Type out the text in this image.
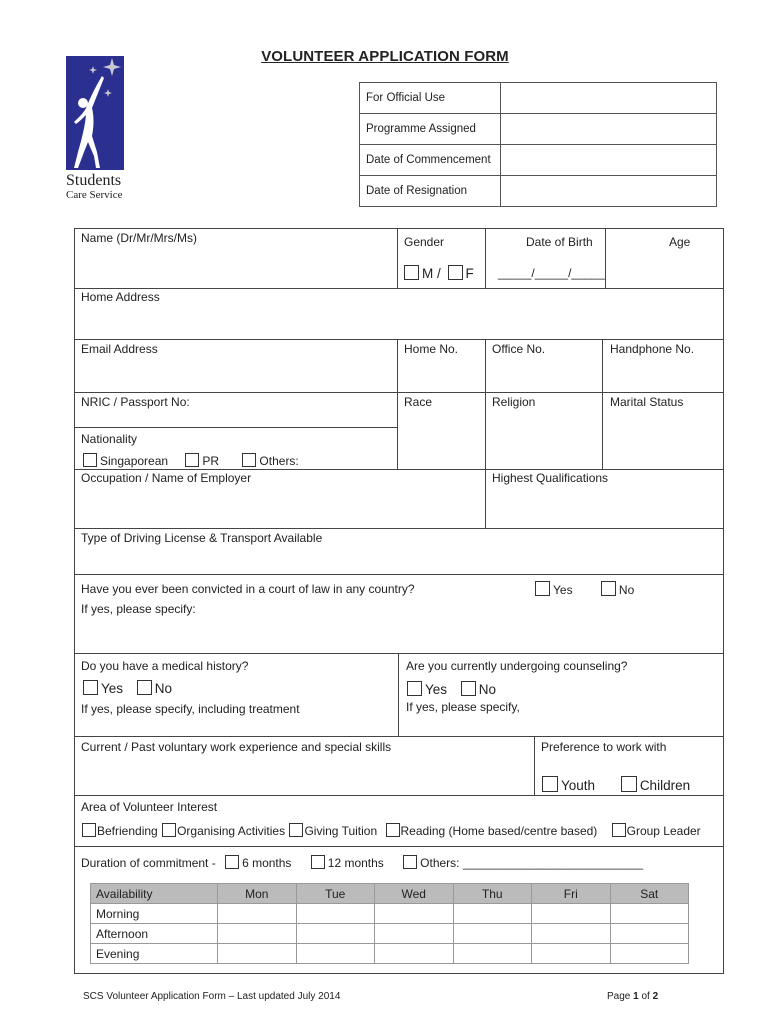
VOLUNTEER APPLICATION FORM
Students
Care Service
For Official Use	
Programme Assigned	
Date of Commencement	
Date of Resignation	
Name (Dr/Mr/Mrs/Ms)	Gender
M / F
Date of Birth
_____/_____/_____
Age
Home Address
Email Address	Home No.	Office No.	Handphone No.
NRIC / Passport No:	Race	Religion	Marital Status
Nationality
Singaporean	PR	Others:
Occupation / Name of Employer	Highest Qualifications
Type of Driving License & Transport Available
Have you ever been convicted in a court of law in any country?	Yes	No
If yes, please specify:
Do you have a medical history?
Yes No
If yes, please specify, including treatment
Are you currently undergoing counseling?
Yes No
If yes, please specify,
Current / Past voluntary work experience and special skills	Preference to work with
Youth	Children
Area of Volunteer Interest
Befriending Organising Activities Giving Tuition Reading (Home based/centre based) Group Leader
Duration of commitment - 6 months	12 months	Others: ___________________________
Availability	Mon	Tue	Wed	Thu	Fri	Sat
Morning						
Afternoon						
Evening						
SCS Volunteer Application Form – Last updated July 2014	Page 1 of 2
